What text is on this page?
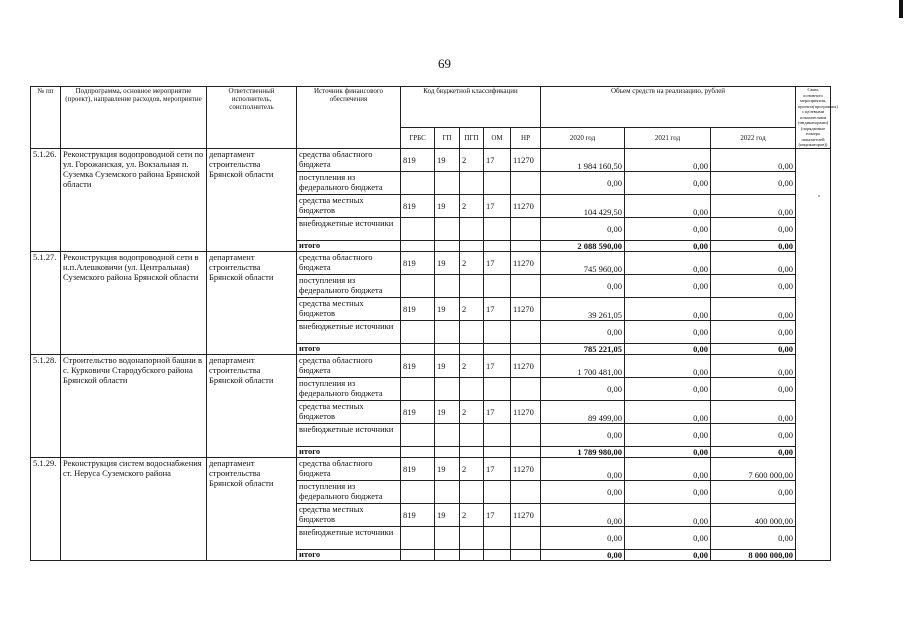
69
,
№ пп	Подпрограмма, основное мероприятие (проект), направление расходов, мероприятие	Ответственный исполнитель, соисполнитель	Источник финансового обеспечения	Код бюджетной классификации					Объем средств на реализацию, рублей			Связь основного мероприятия, проекта(программы) с целевыми показателями (индикаторами) (порядковые номера показателей (индикаторов))
				ГРБС	ГП	ПГП	ОМ	НР	2020 год	2021 год	2022 год	
5.1.26.	Реконструкция водопроводной сети по ул. Горожанская, ул. Вокзальная п. Суземка Суземского района Брянской области	департамент строительства Брянской области	средства областного бюджета	819	19	2	17	11270	1 984 160,50	0,00	0,00	
			поступления из федерального бюджета						0,00	0,00	0,00	
			средства местных бюджетов	819	19	2	17	11270	104 429,50	0,00	0,00	
			внебюджетные источники						0,00	0,00	0,00	
			итого						2 088 590,00	0,00	0,00	
5.1.27.	Реконструкция водопроводной сети в н.п.Алешковичи (ул. Центральная) Суземского района Брянской области	департамент строительства Брянской области	средства областного бюджета	819	19	2	17	11270	745 960,00	0,00	0,00	
			поступления из федерального бюджета						0,00	0,00	0,00	
			средства местных бюджетов	819	19	2	17	11270	39 261,05	0,00	0,00	
			внебюджетные источники						0,00	0,00	0,00	
			итого						785 221,05	0,00	0,00	
5.1.28.	Строительство водонапорной башни в с. Курковичи Стародубского района Брянской области	департамент строительства Брянской области	средства областного бюджета	819	19	2	17	11270	1 700 481,00	0,00	0,00	
			поступления из федерального бюджета						0,00	0,00	0,00	
			средства местных бюджетов	819	19	2	17	11270	89 499,00	0,00	0,00	
			внебюджетные источники						0,00	0,00	0,00	
			итого						1 789 980,00	0,00	0,00	
5.1.29.	Реконструкция систем водоснабжения ст. Неруса Суземского района	департамент строительства Брянской области	средства областного бюджета	819	19	2	17	11270	0,00	0,00	7 600 000,00	
			поступления из федерального бюджета						0,00	0,00	0,00	
			средства местных бюджетов	819	19	2	17	11270	0,00	0,00	400 000,00	
			внебюджетные источники						0,00	0,00	0,00	
			итого						0,00	0,00	8 000 000,00	
